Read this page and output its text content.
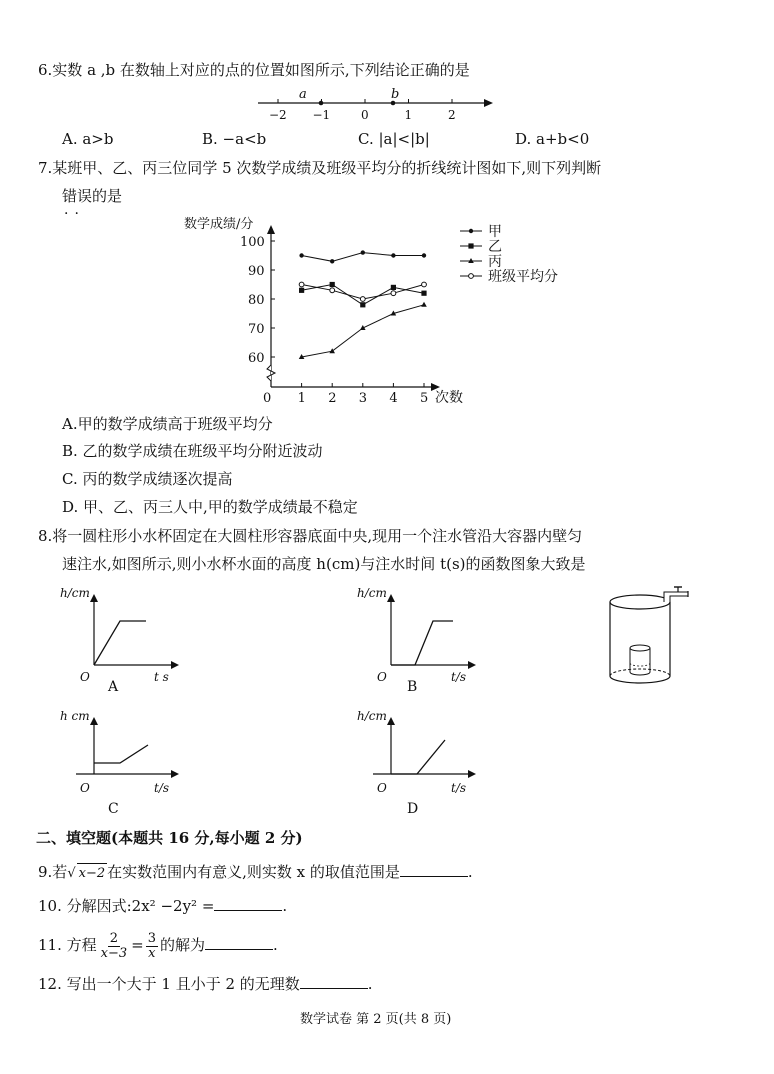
6.实数 a ,b 在数轴上对应的点的位置如图所示,下列结论正确的是
−2 −1	0	1	2
a	b
A. a>b	B. −a<b	C. |a|<|b|	D. a+b<0
7.某班甲、乙、丙三位同学 5 次数学成绩及班级平均分的折线统计图如下,则下列判断
错误的是
··
数学成绩/分
次数
60
70
80
90
100
0 1 2 3 4 5
甲
乙
丙
班级平均分
A.甲的数学成绩高于班级平均分
B. 乙的数学成绩在班级平均分附近波动
C. 丙的数学成绩逐次提高
D. 甲、乙、丙三人中,甲的数学成绩最不稳定
8.将一圆柱形小水杯固定在大圆柱形容器底面中央,现用一个注水管沿大容器内壁匀
速注水,如图所示,则小水杯水面的高度 h(cm)与注水时间 t(s)的函数图象大致是
h/cm
O	t s
A
h/cm
O	t/s
B
h cm
O	t/s
C
h/cm
O	t/s
D
二、填空题(本题共 16 分,每小题 2 分)
9.若√ x−2 在实数范围内有意义,则实数 x 的取值范围是	.
10. 分解因式:2x² −2y² =	.
11. 方程 $\frac{2}{x-3} = \frac{3}{x}$ 的解为	.
12. 写出一个大于 1 且小于 2 的无理数	.
数学试卷 第 2 页(共 8 页)
